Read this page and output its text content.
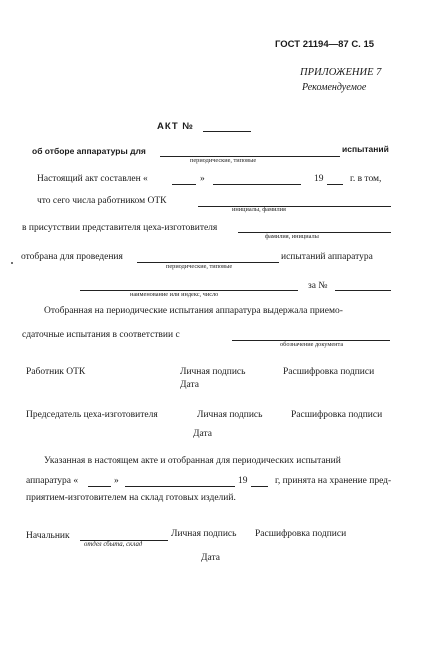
ГОСТ 21194—87 С. 15
ПРИЛОЖЕНИЕ 7
Рекомендуемое
АКТ №
об отборе аппаратуры для	испытаний
периодические, типовые
Настоящий акт составлен «	»	19	г. в том,
что сего числа работником ОТК
инициалы, фамилия
в присутствии представителя цеха-изготовителя
фамилия, инициалы
отобрана для проведения	испытаний аппаратура
периодические, типовые
за №
наименование или индекс, число
Отобранная на периодические испытания аппаратура выдержала приемо-
сдаточные испытания в соответствии с
обозначение документа
Работник ОТК	Личная подпись	Расшифровка подписи
Дата
Председатель цеха-изготовителя	Личная подпись	Расшифровка подписи
Дата
Указанная в настоящем акте и отобранная для периодических испытаний
аппаратура «	»	19	г, принята на хранение пред-
приятием-изготовителем на склад готовых изделий.
Начальник	Личная подпись Расшифровка подписи
отдел сбыта, склад
Дата
